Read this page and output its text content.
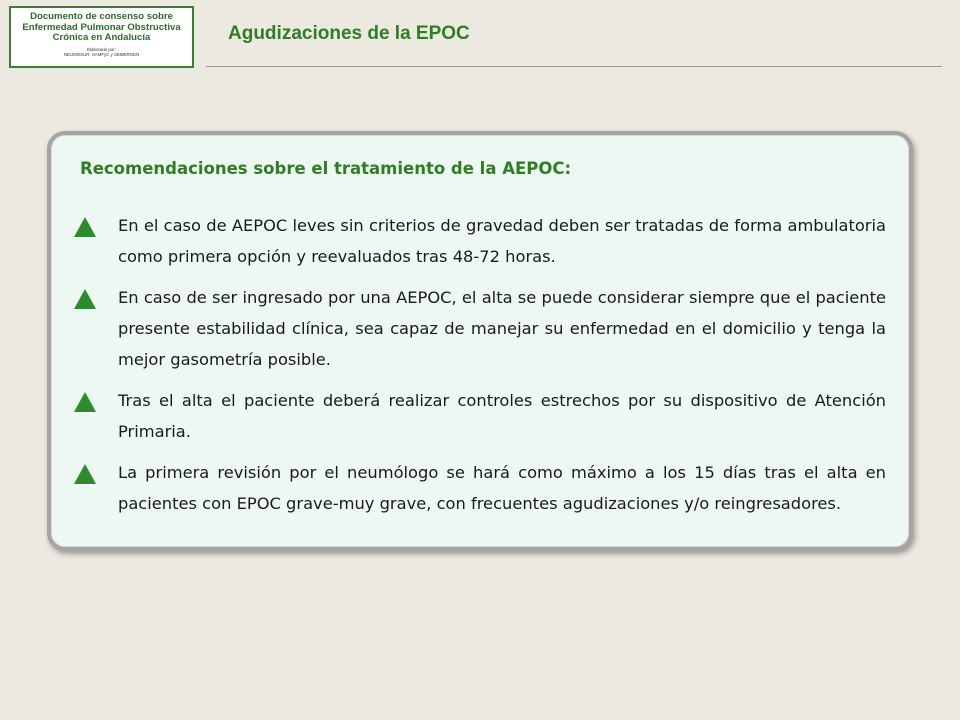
Documento de consenso sobre
Enfermedad Pulmonar Obstructiva
Crónica en Andalucía
Elaborado por:
NEUMOSUR, SAMFyC y SEMERGEN
Agudizaciones de la EPOC
Recomendaciones sobre el tratamiento de la AEPOC:
En el caso de AEPOC leves sin criterios de gravedad deben ser tratadas de forma ambulatoria como primera opción y reevaluados tras 48-72 horas.
En caso de ser ingresado por una AEPOC, el alta se puede considerar siempre que el paciente presente estabilidad clínica, sea capaz de manejar su enfermedad en el domicilio y tenga la mejor gasometría posible.
Tras el alta el paciente deberá realizar controles estrechos por su dispositivo de Atención Primaria.
La primera revisión por el neumólogo se hará como máximo a los 15 días tras el alta en pacientes con EPOC grave-muy grave, con frecuentes agudizaciones y/o reingresadores.
